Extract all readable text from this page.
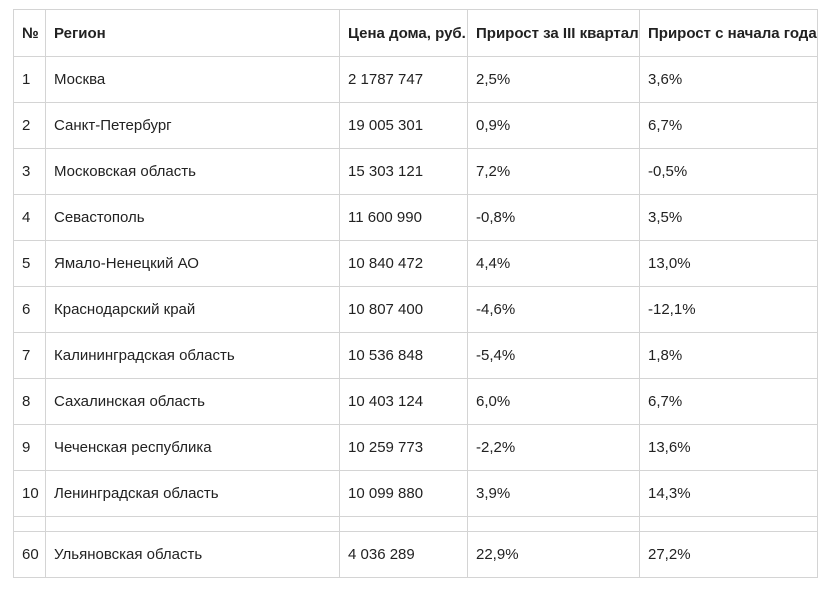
№	Регион	Цена дома, руб.	Прирост за III квартал	Прирост с начала года
1	Москва	2 1787 747	2,5%	3,6%
2	Санкт-Петербург	19 005 301	0,9%	6,7%
3	Московская область	15 303 121	7,2%	-0,5%
4	Севастополь	11 600 990	-0,8%	3,5%
5	Ямало-Ненецкий АО	10 840 472	4,4%	13,0%
6	Краснодарский край	10 807 400	-4,6%	-12,1%
7	Калининградская область	10 536 848	-5,4%	1,8%
8	Сахалинская область	10 403 124	6,0%	6,7%
9	Чеченская республика	10 259 773	-2,2%	13,6%
10	Ленинградская область	10 099 880	3,9%	14,3%

60	Ульяновская область	4 036 289	22,9%	27,2%
